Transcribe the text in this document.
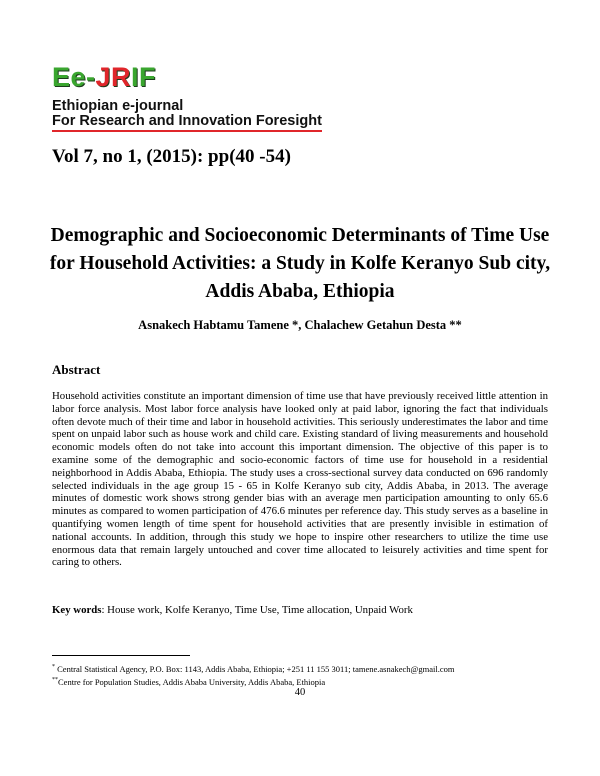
Ee-JRIF
Ethiopian e-journal
For Research and Innovation Foresight
Vol 7, no 1, (2015): pp(40 -54)
Demographic and Socioeconomic Determinants of Time Use for Household Activities: a Study in Kolfe Keranyo Sub city, Addis Ababa, Ethiopia
Asnakech Habtamu Tamene *, Chalachew Getahun Desta **
Abstract

Household activities constitute an important dimension of time use that have previously received little attention in labor force analysis. Most labor force analysis have looked only at paid labor, ignoring the fact that individuals often devote much of their time and labor in household activities. This seriously underestimates the labor and time spent on unpaid labor such as house work and child care. Existing standard of living measurements and household economic models often do not take into account this important dimension. The objective of this paper is to examine some of the demographic and socio-economic factors of time use for household in a residential neighborhood in Addis Ababa, Ethiopia. The study uses a cross-sectional survey data conducted on 696 randomly selected individuals in the age group 15 - 65 in Kolfe Keranyo sub city, Addis Ababa, in 2013. The average minutes of domestic work shows strong gender bias with an average men participation amounting to only 65.6 minutes as compared to women participation of 476.6 minutes per reference day. This study serves as a baseline in quantifying women length of time spent for household activities that are presently invisible in estimation of national accounts. In addition, through this study we hope to inspire other researchers to utilize the time use enormous data that remain largely untouched and cover time allocated to leisurely activities and time spent for caring to others.

Key words: House work, Kolfe Keranyo, Time Use, Time allocation, Unpaid Work
* Central Statistical Agency, P.O. Box: 1143, Addis Ababa, Ethiopia; +251 11 155 3011; tamene.asnakech@gmail.com
**Centre for Population Studies, Addis Ababa University, Addis Ababa, Ethiopia
40
